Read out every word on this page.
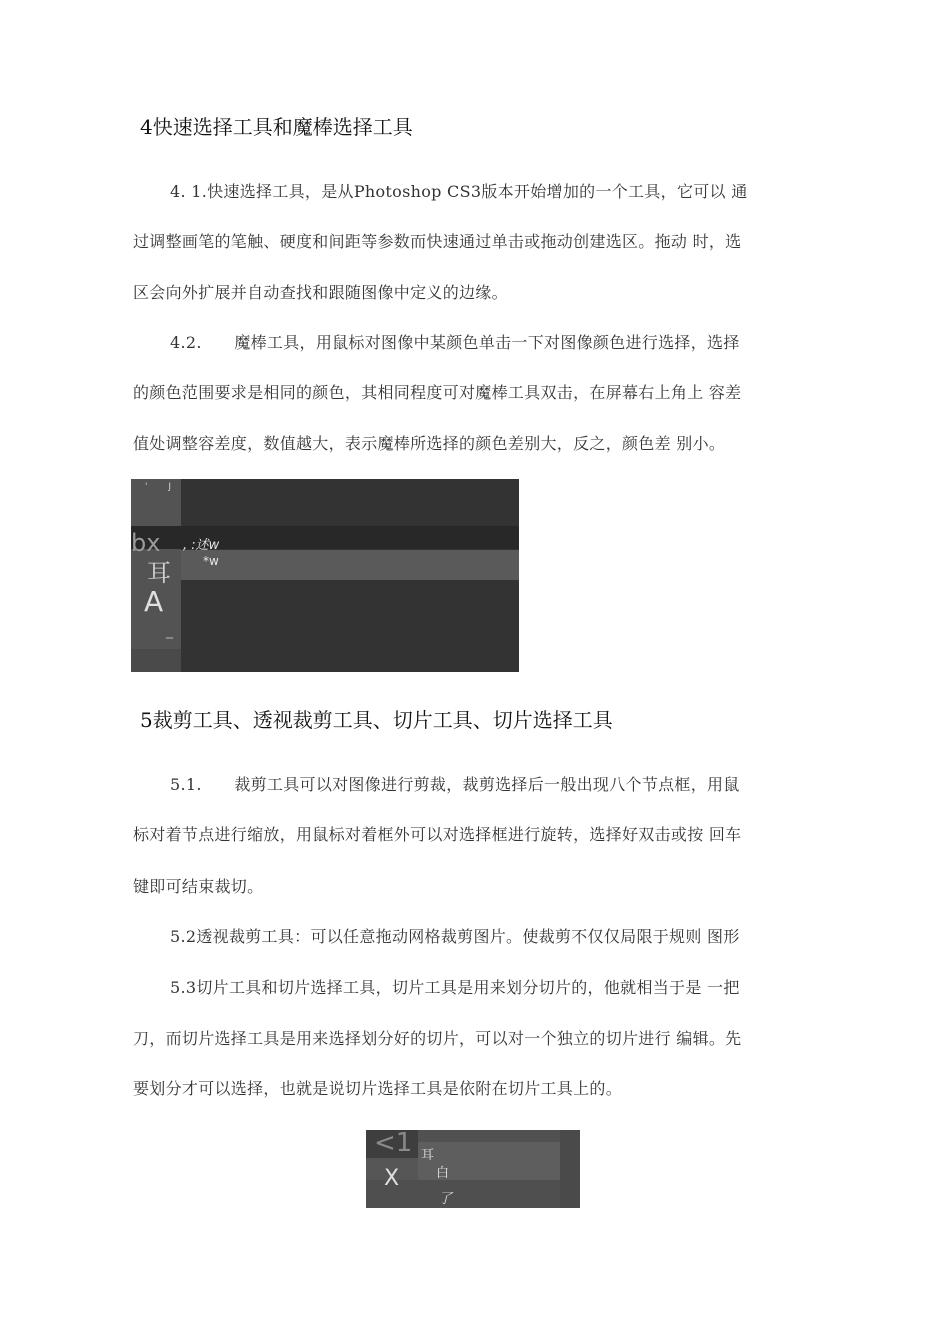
4快速选择工具和魔棒选择工具
4. 1.快速选择工具，是从Photoshop CS3版本开始增加的一个工具，它可以 通
过调整画笔的笔触、硬度和间距等参数而快速通过单击或拖动创建选区。拖动 时，选
区会向外扩展并自动查找和跟随图像中定义的边缘。
4.2.　　魔棒工具，用鼠标对图像中某颜色单击一下对图像颜色进行选择，选择
的颜色范围要求是相同的颜色，其相同程度可对魔棒工具双击，在屏幕右上角上 容差
值处调整容差度，数值越大，表示魔棒所选择的颜色差别大，反之，颜色差 别小。
'　　 J
bx
耳
A
_
, :述w
*w
5裁剪工具、透视裁剪工具、切片工具、切片选择工具
5.1.　　裁剪工具可以对图像进行剪裁，裁剪选择后一般出现八个节点框，用鼠
标对着节点进行缩放，用鼠标对着框外可以对选择框进行旋转，选择好双击或按 回车
键即可结束裁切。
5.2透视裁剪工具：可以任意拖动网格裁剪图片。使裁剪不仅仅局限于规则 图形
5.3切片工具和切片选择工具，切片工具是用来划分切片的，他就相当于是 一把
刀，而切片选择工具是用来选择划分好的切片，可以对一个独立的切片进行 编辑。先
要划分才可以选择，也就是说切片选择工具是依附在切片工具上的。
<1 耳
X	白
了
